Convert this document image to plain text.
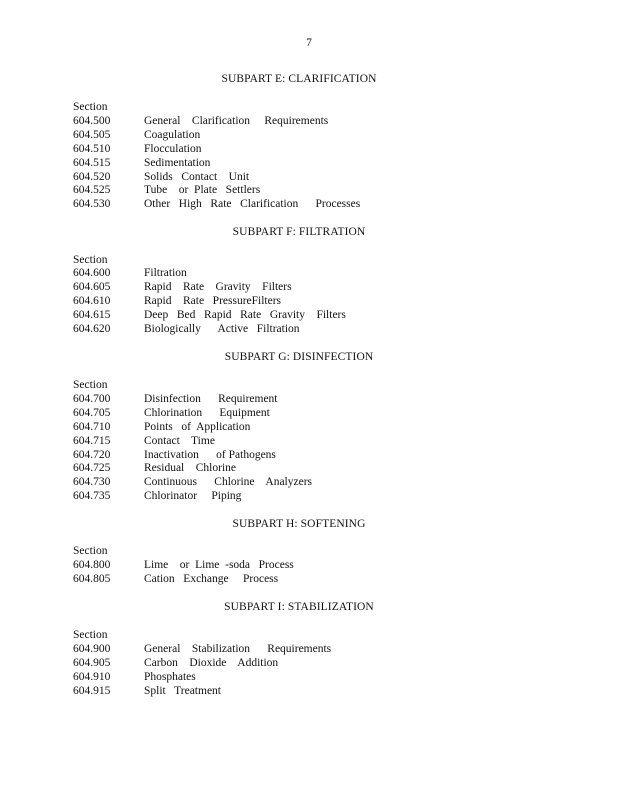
7
SUBPART E: CLARIFICATION
Section
604.500	General    Clarification     Requirements
604.505	Coagulation
604.510	Flocculation
604.515	Sedimentation
604.520	Solids   Contact    Unit
604.525	Tube    or  Plate   Settlers
604.530	Other   High   Rate   Clarification      Processes
SUBPART F: FILTRATION
Section
604.600	Filtration
604.605	Rapid    Rate    Gravity    Filters
604.610	Rapid    Rate   PressureFilters
604.615	Deep   Bed   Rapid   Rate   Gravity    Filters
604.620	Biologically      Active   Filtration
SUBPART G: DISINFECTION
Section
604.700	Disinfection      Requirement
604.705	Chlorination      Equipment
604.710	Points   of  Application
604.715	Contact    Time
604.720	Inactivation      of Pathogens
604.725	Residual    Chlorine
604.730	Continuous      Chlorine    Analyzers
604.735	Chlorinator     Piping
SUBPART H: SOFTENING
Section
604.800	Lime    or  Lime  -soda   Process
604.805	Cation   Exchange     Process
SUBPART I: STABILIZATION
Section
604.900	General    Stabilization      Requirements
604.905	Carbon    Dioxide    Addition
604.910	Phosphates
604.915	Split   Treatment
